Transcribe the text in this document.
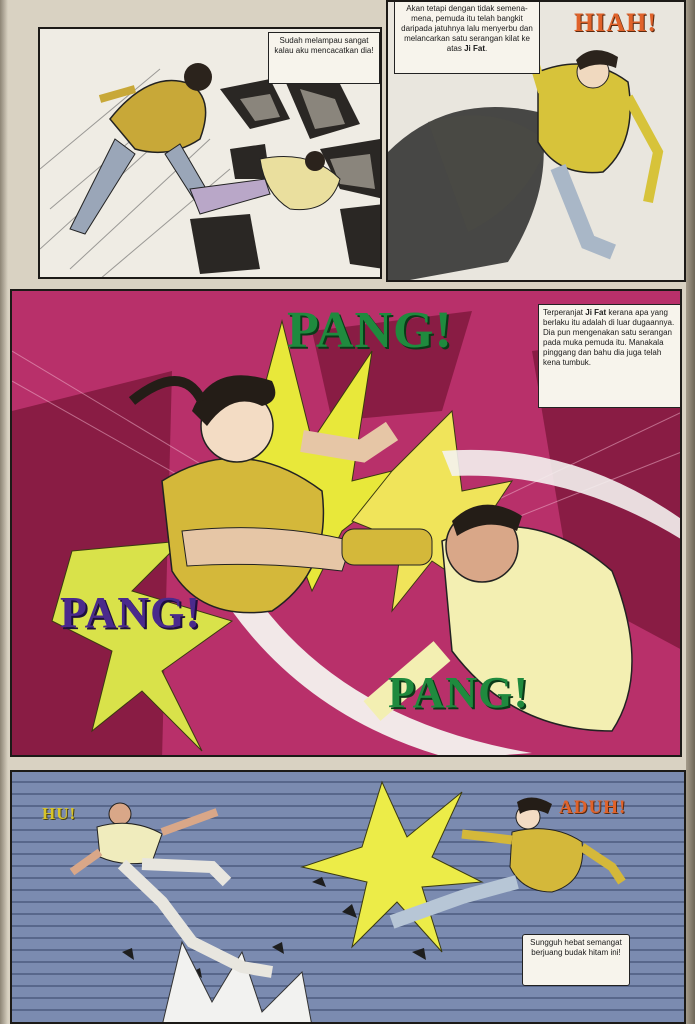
Sudah melampau sangat kalau aku mencacatkan dia!
Akan tetapi dengan tidak semena-mena, pemuda itu telah bangkit daripada jatuhnya lalu menyerbu dan melancarkan satu serangan kilat ke atas Ji Fat.
HIAH!
Terperanjat Ji Fat kerana apa yang berlaku itu adalah di luar dugaannya. Dia pun mengenakan satu serangan pada muka pemuda itu. Manakala pinggang dan bahu dia juga telah kena tumbuk.
PANG!
PANG!
PANG!
HU!	ADUH!
Sungguh hebat semangat berjuang budak hitam ini!
